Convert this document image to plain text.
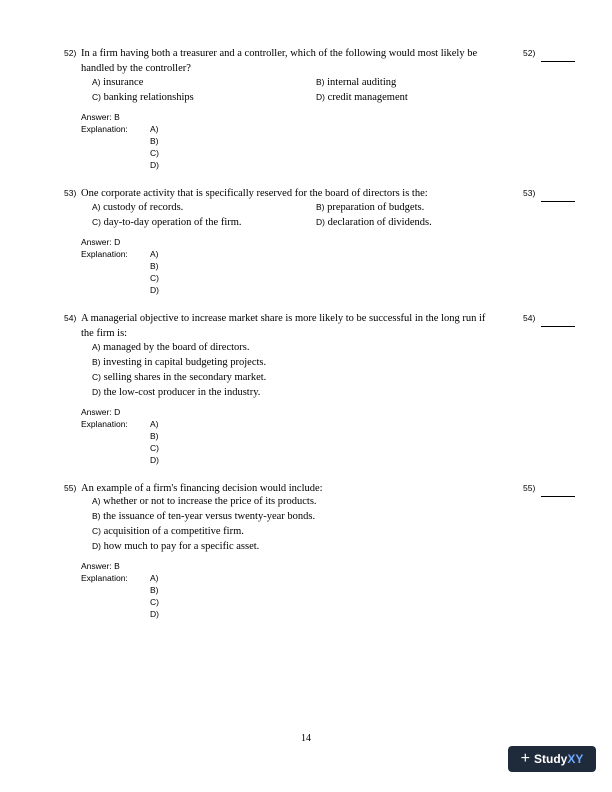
52) In a firm having both a treasurer and a controller, which of the following would most likely be handled by the controller?
52)
A) insurance	B) internal auditing
C) banking relationships	D) credit management
Answer: B
Explanation:	A)
B)
C)
D)
53) One corporate activity that is specifically reserved for the board of directors is the:	53)
A) custody of records.	B) preparation of budgets.
C) day-to-day operation of the firm.	D) declaration of dividends.
Answer: D
Explanation:	A)
B)
C)
D)
54) A managerial objective to increase market share is more likely to be successful in the long run if the firm is:
54)
A) managed by the board of directors.
B) investing in capital budgeting projects.
C) selling shares in the secondary market.
D) the low-cost producer in the industry.
Answer: D
Explanation:	A)
B)
C)
D)
55) An example of a firm's financing decision would include:	55)
A) whether or not to increase the price of its products.
B) the issuance of ten-year versus twenty-year bonds.
C) acquisition of a competitive firm.
D) how much to pay for a specific asset.
Answer: B
Explanation:	A)
B)
C)
D)
14
+ Study XY
